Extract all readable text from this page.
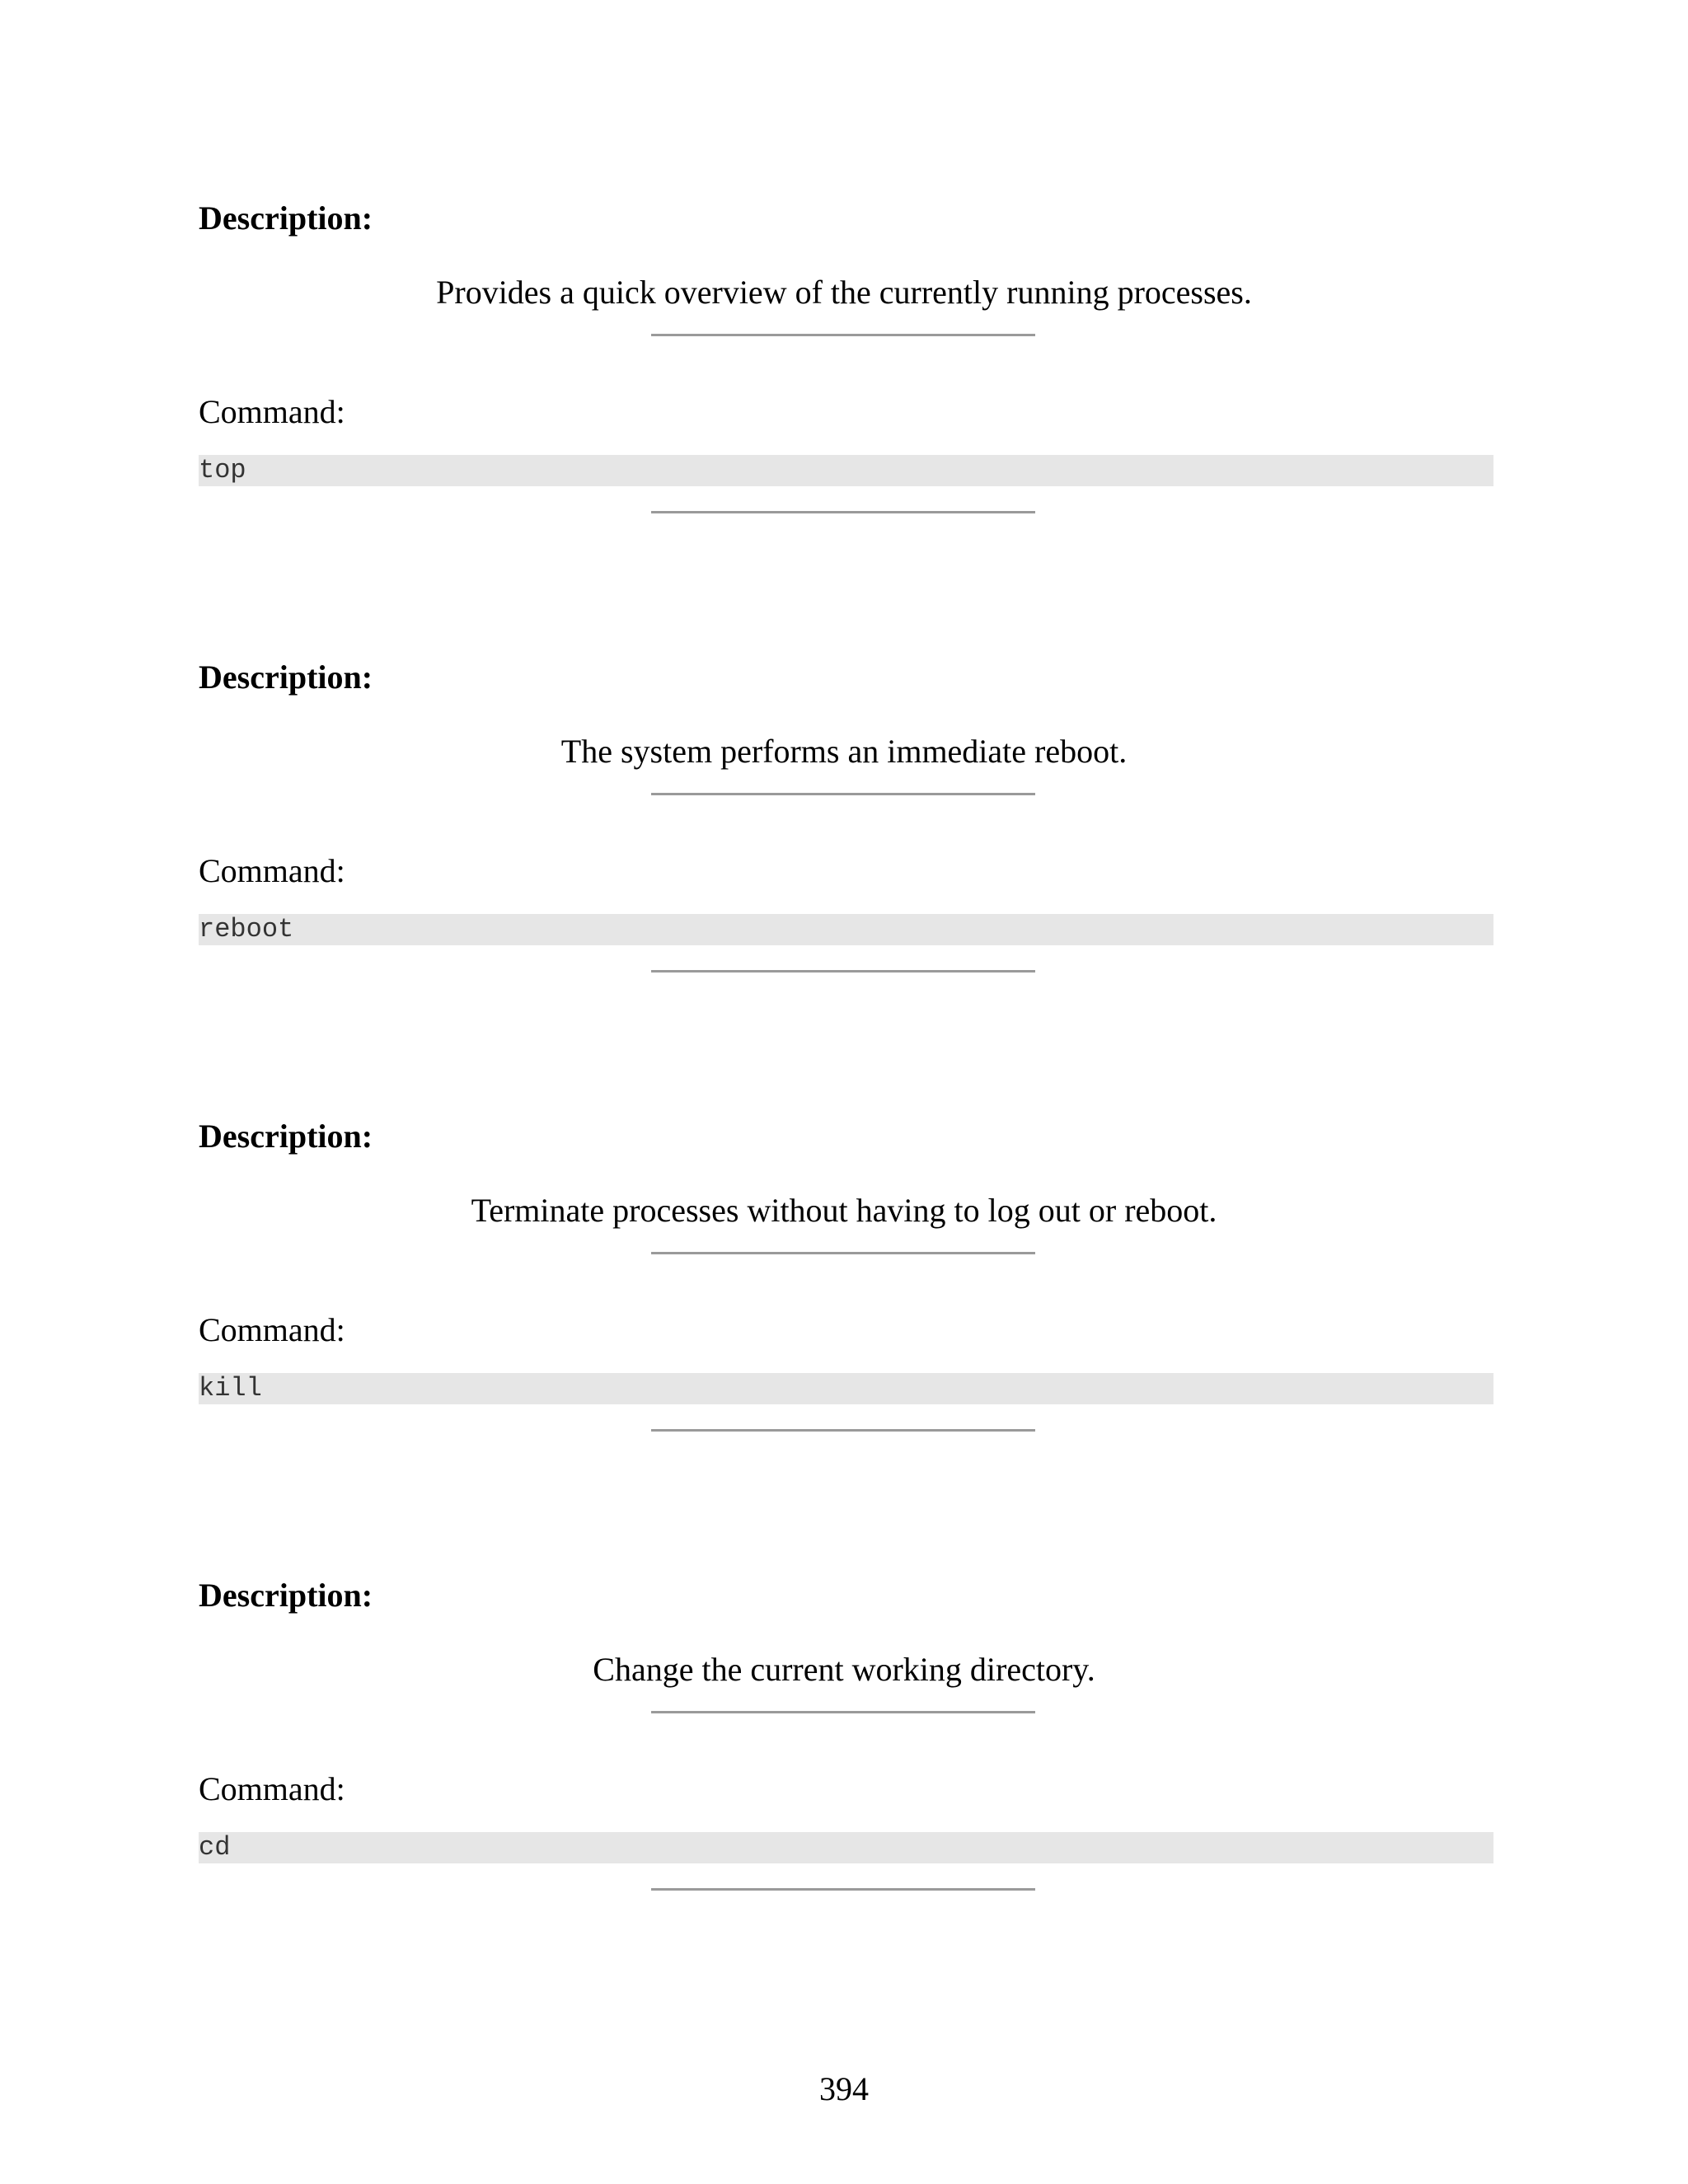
Description:

Provides a quick overview of the currently running processes.

Command:

top

Description:

The system performs an immediate reboot.

Command:

reboot

Description:

Terminate processes without having to log out or reboot.

Command:

kill

Description:

Change the current working directory.

Command:

cd
394
